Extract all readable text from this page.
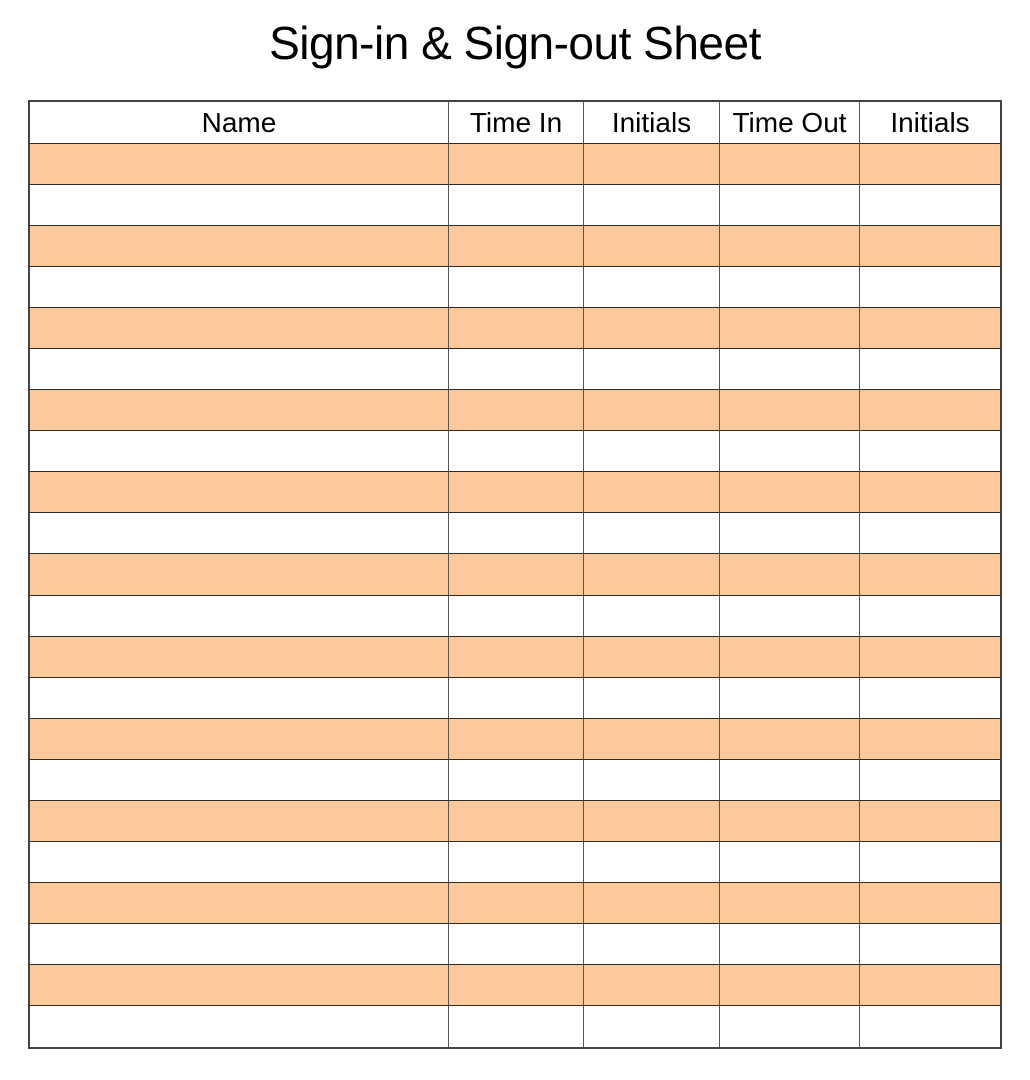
Sign-in & Sign-out Sheet
Name	Time In	Initials	Time Out	Initials
